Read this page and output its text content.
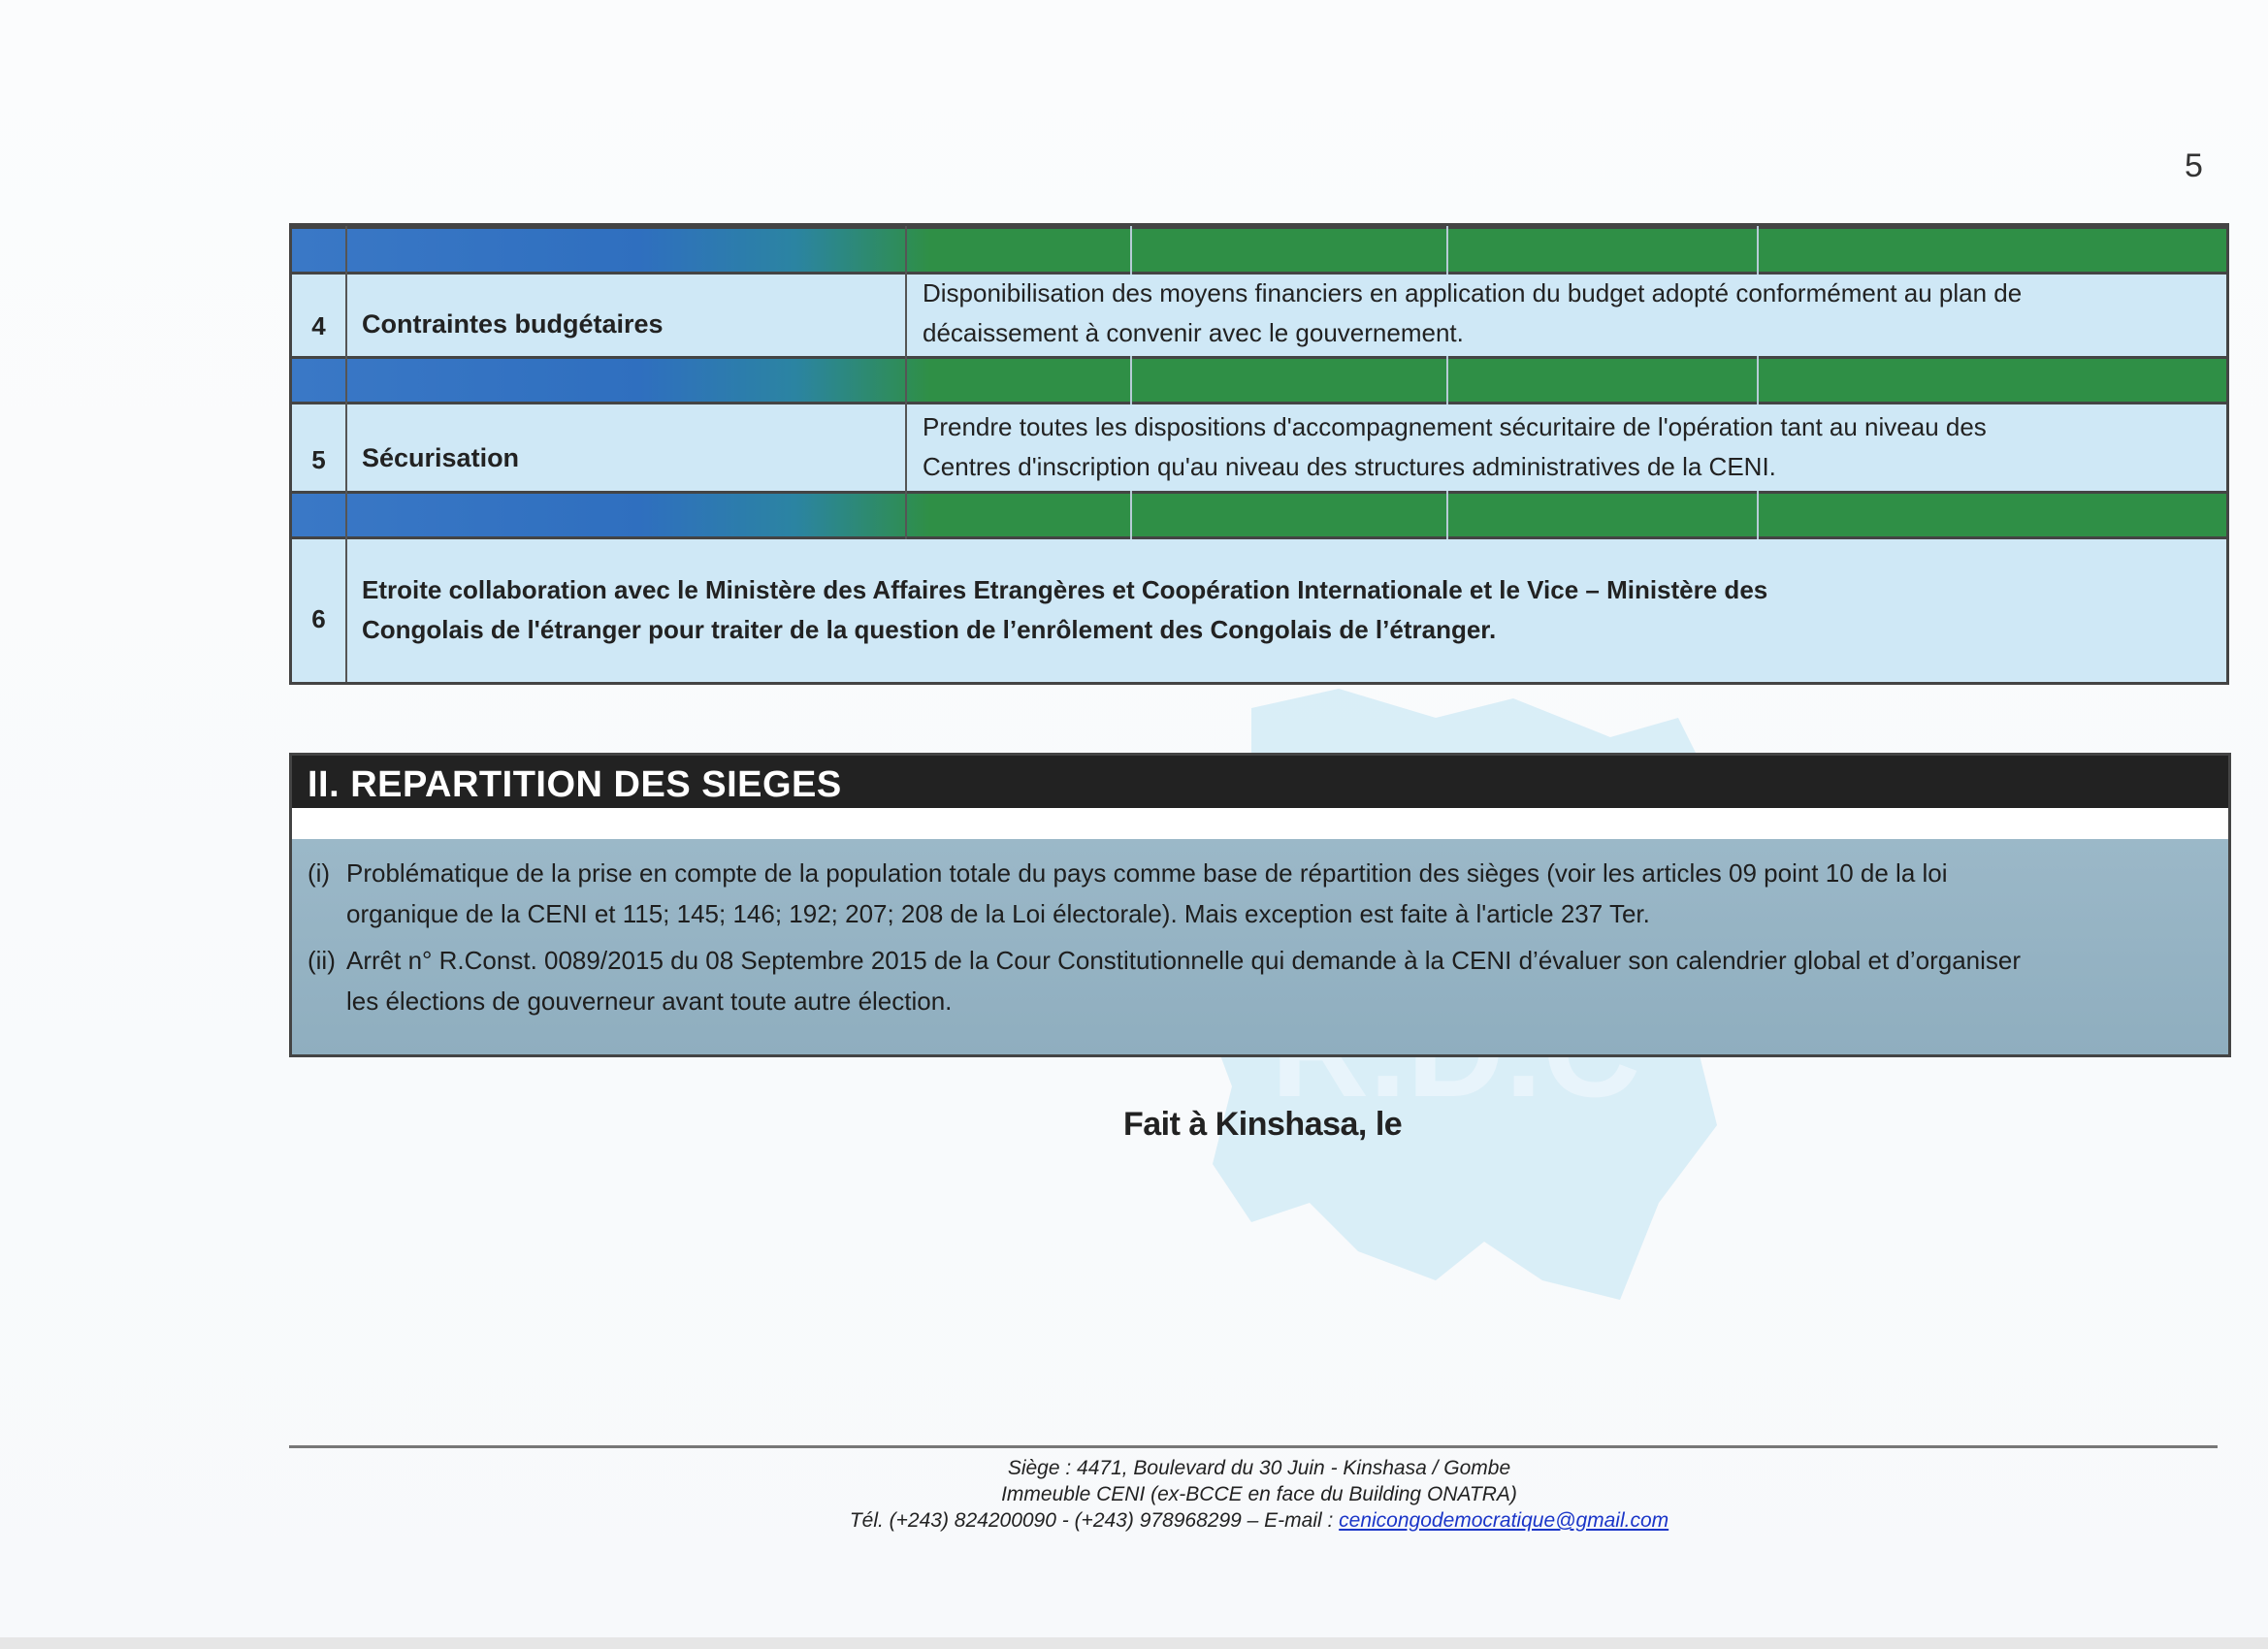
5
4	Contraintes budgétaires
Disponibilisation des moyens financiers en application du budget adopté conformément au plan de
décaissement à convenir avec le gouvernement.
5	Sécurisation
Prendre toutes les dispositions d'accompagnement sécuritaire de l'opération tant au niveau des
Centres d'inscription qu'au niveau des structures administratives de la CENI.
6
Etroite collaboration avec le Ministère des Affaires Etrangères et Coopération Internationale et le Vice – Ministère des
Congolais de l'étranger pour traiter de la question de l’enrôlement des Congolais de l’étranger.
II. REPARTITION DES SIEGES
(i) Problématique de la prise en compte de la population totale du pays comme base de répartition des sièges (voir les articles 09 point 10 de la loi
organique de la CENI et 115; 145; 146; 192; 207; 208 de la Loi électorale). Mais exception est faite à l'article 237 Ter.
(ii) Arrêt n° R.Const. 0089/2015 du 08 Septembre 2015 de la Cour Constitutionnelle qui demande à la CENI d’évaluer son calendrier global et d’organiser
les élections de gouverneur avant toute autre élection.
Fait à Kinshasa, le
Siège : 4471, Boulevard du 30 Juin - Kinshasa / Gombe
Immeuble CENI (ex-BCCE en face du Building ONATRA)
Tél. (+243) 824200090 - (+243) 978968299 – E-mail : cenicongodemocratique@gmail.com
